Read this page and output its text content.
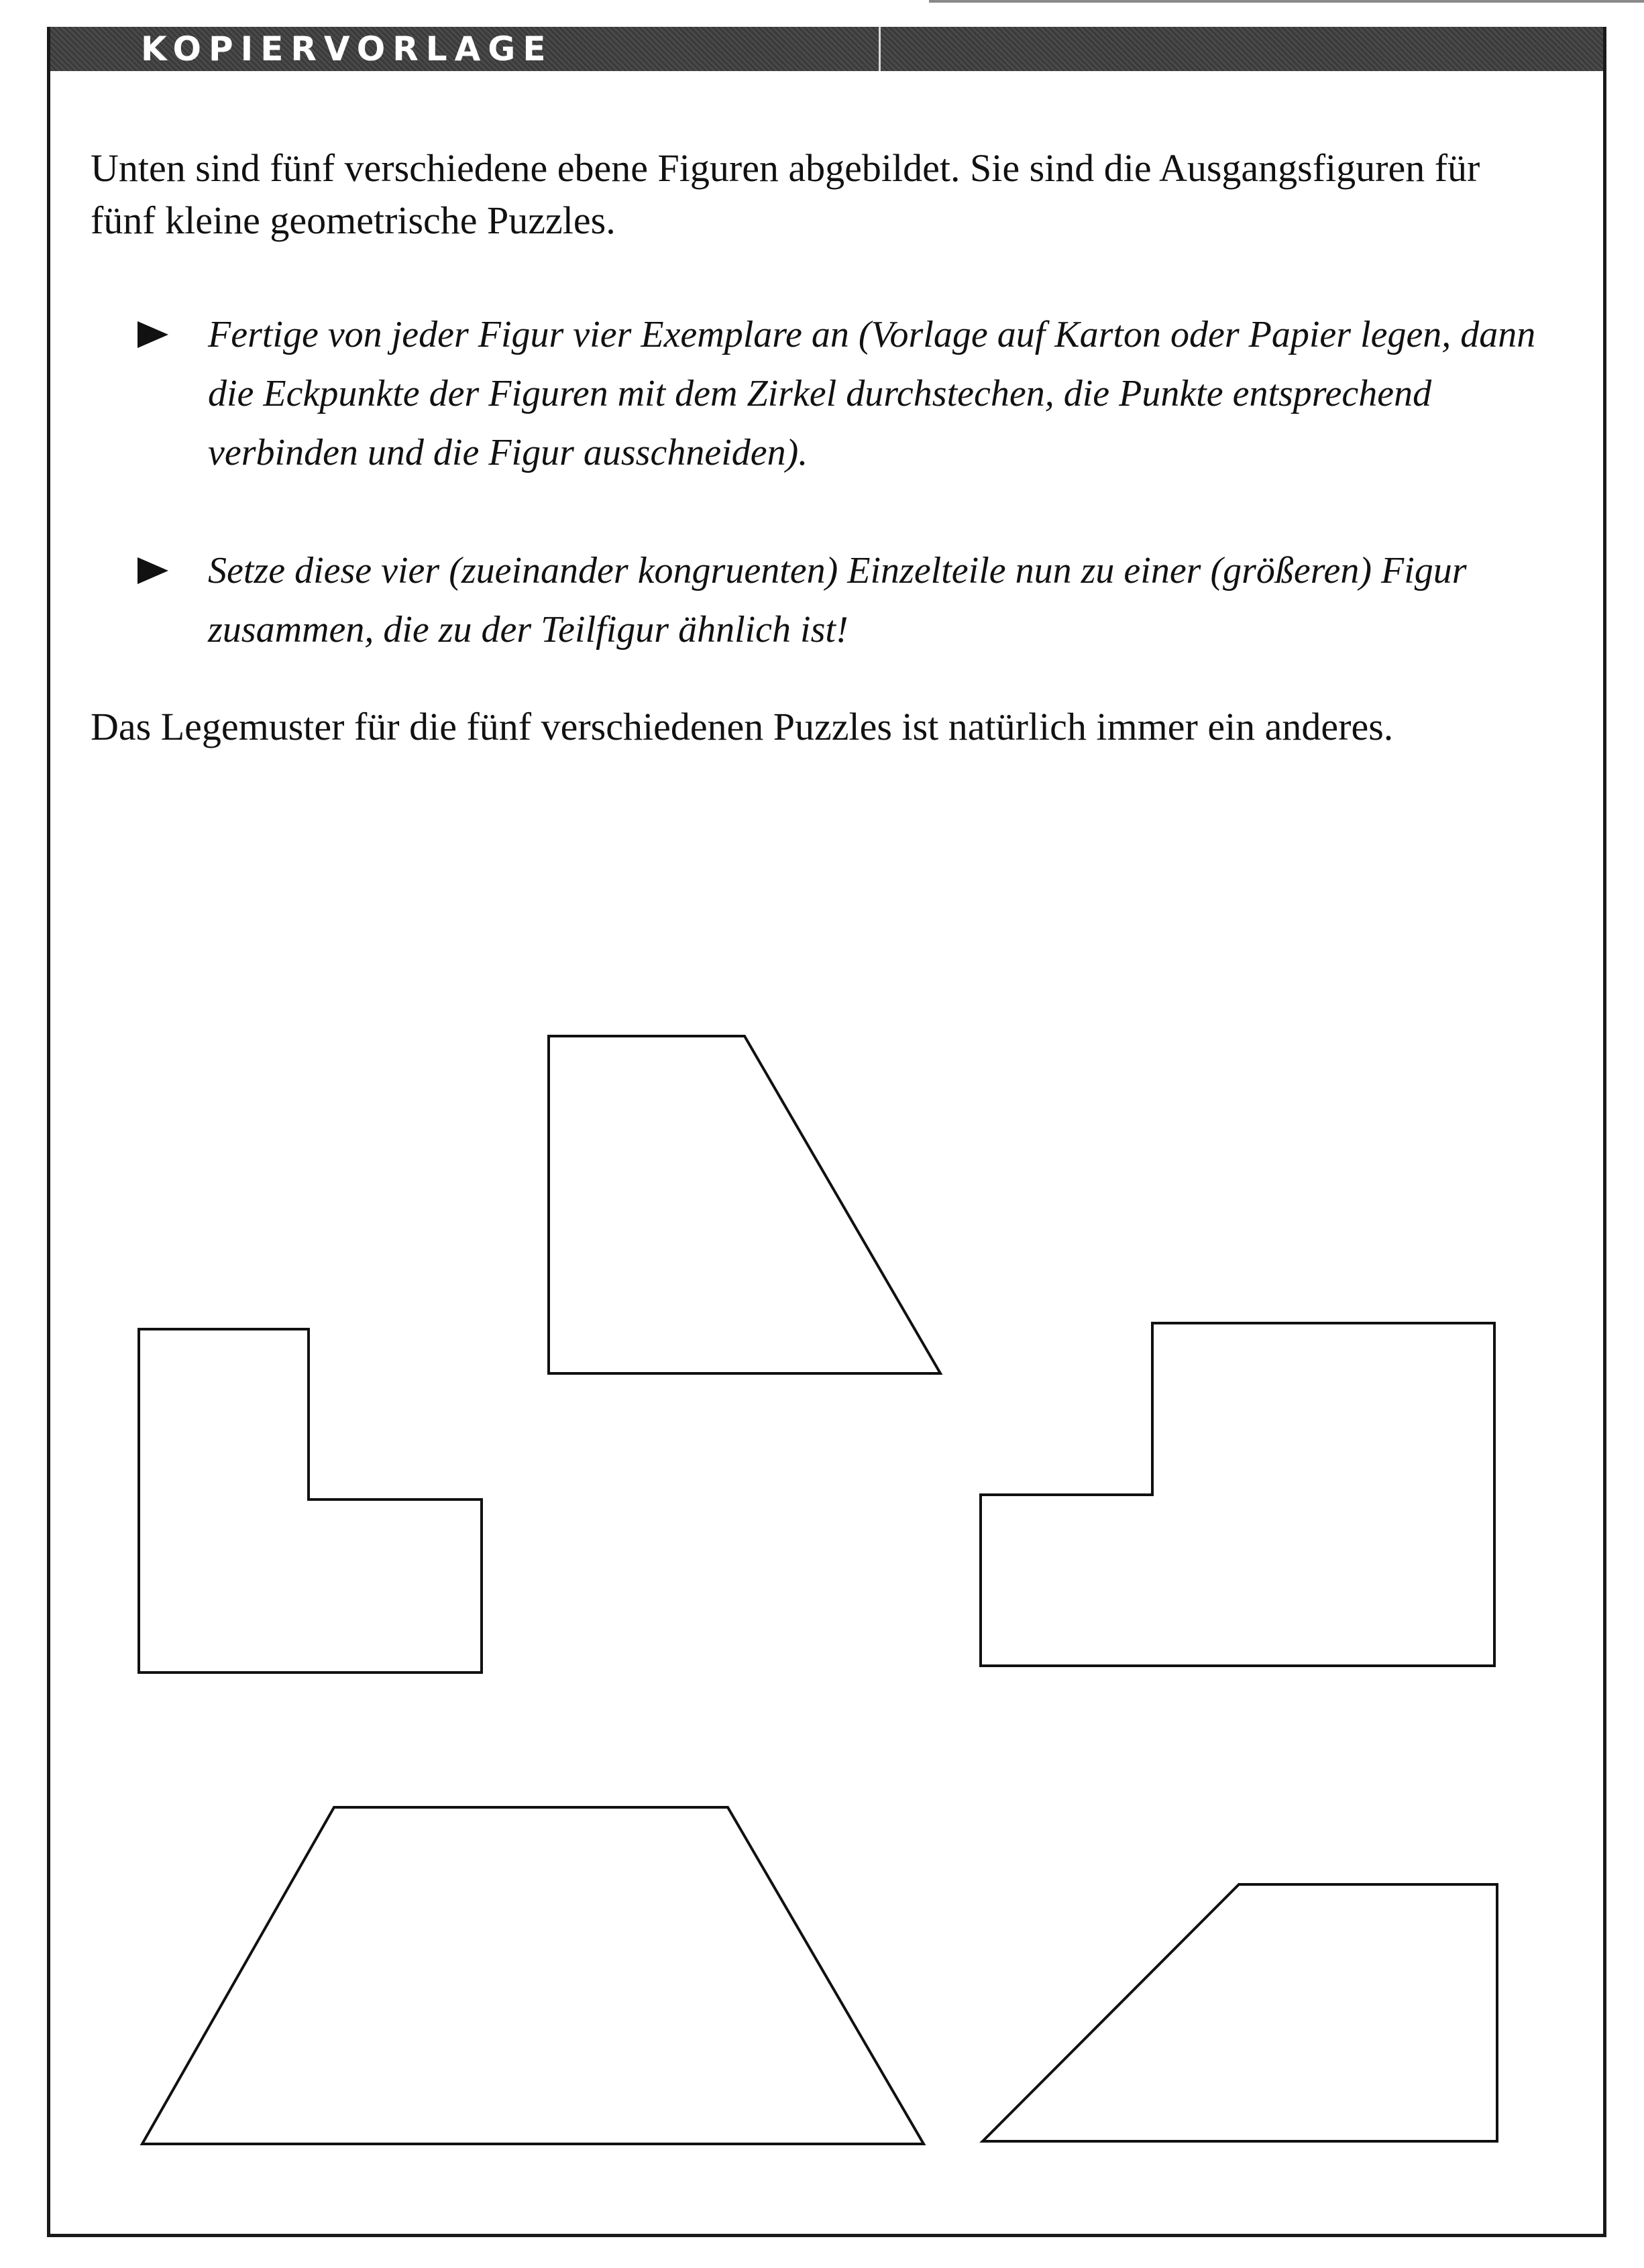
KOPIERVORLAGE

Unten sind fünf verschiedene ebene Figuren abgebildet. Sie sind die Ausgangsfiguren für fünf kleine geometrische Puzzles.

Fertige von jeder Figur vier Exemplare an (Vorlage auf Karton oder Papier legen, dann die Eckpunkte der Figuren mit dem Zirkel durchstechen, die Punkte entsprechend verbinden und die Figur ausschneiden).

Setze diese vier (zueinander kongruenten) Einzelteile nun zu einer (größeren) Figur zusammen, die zu der Teilfigur ähnlich ist!

Das Legemuster für die fünf verschiedenen Puzzles ist natürlich immer ein anderes.
